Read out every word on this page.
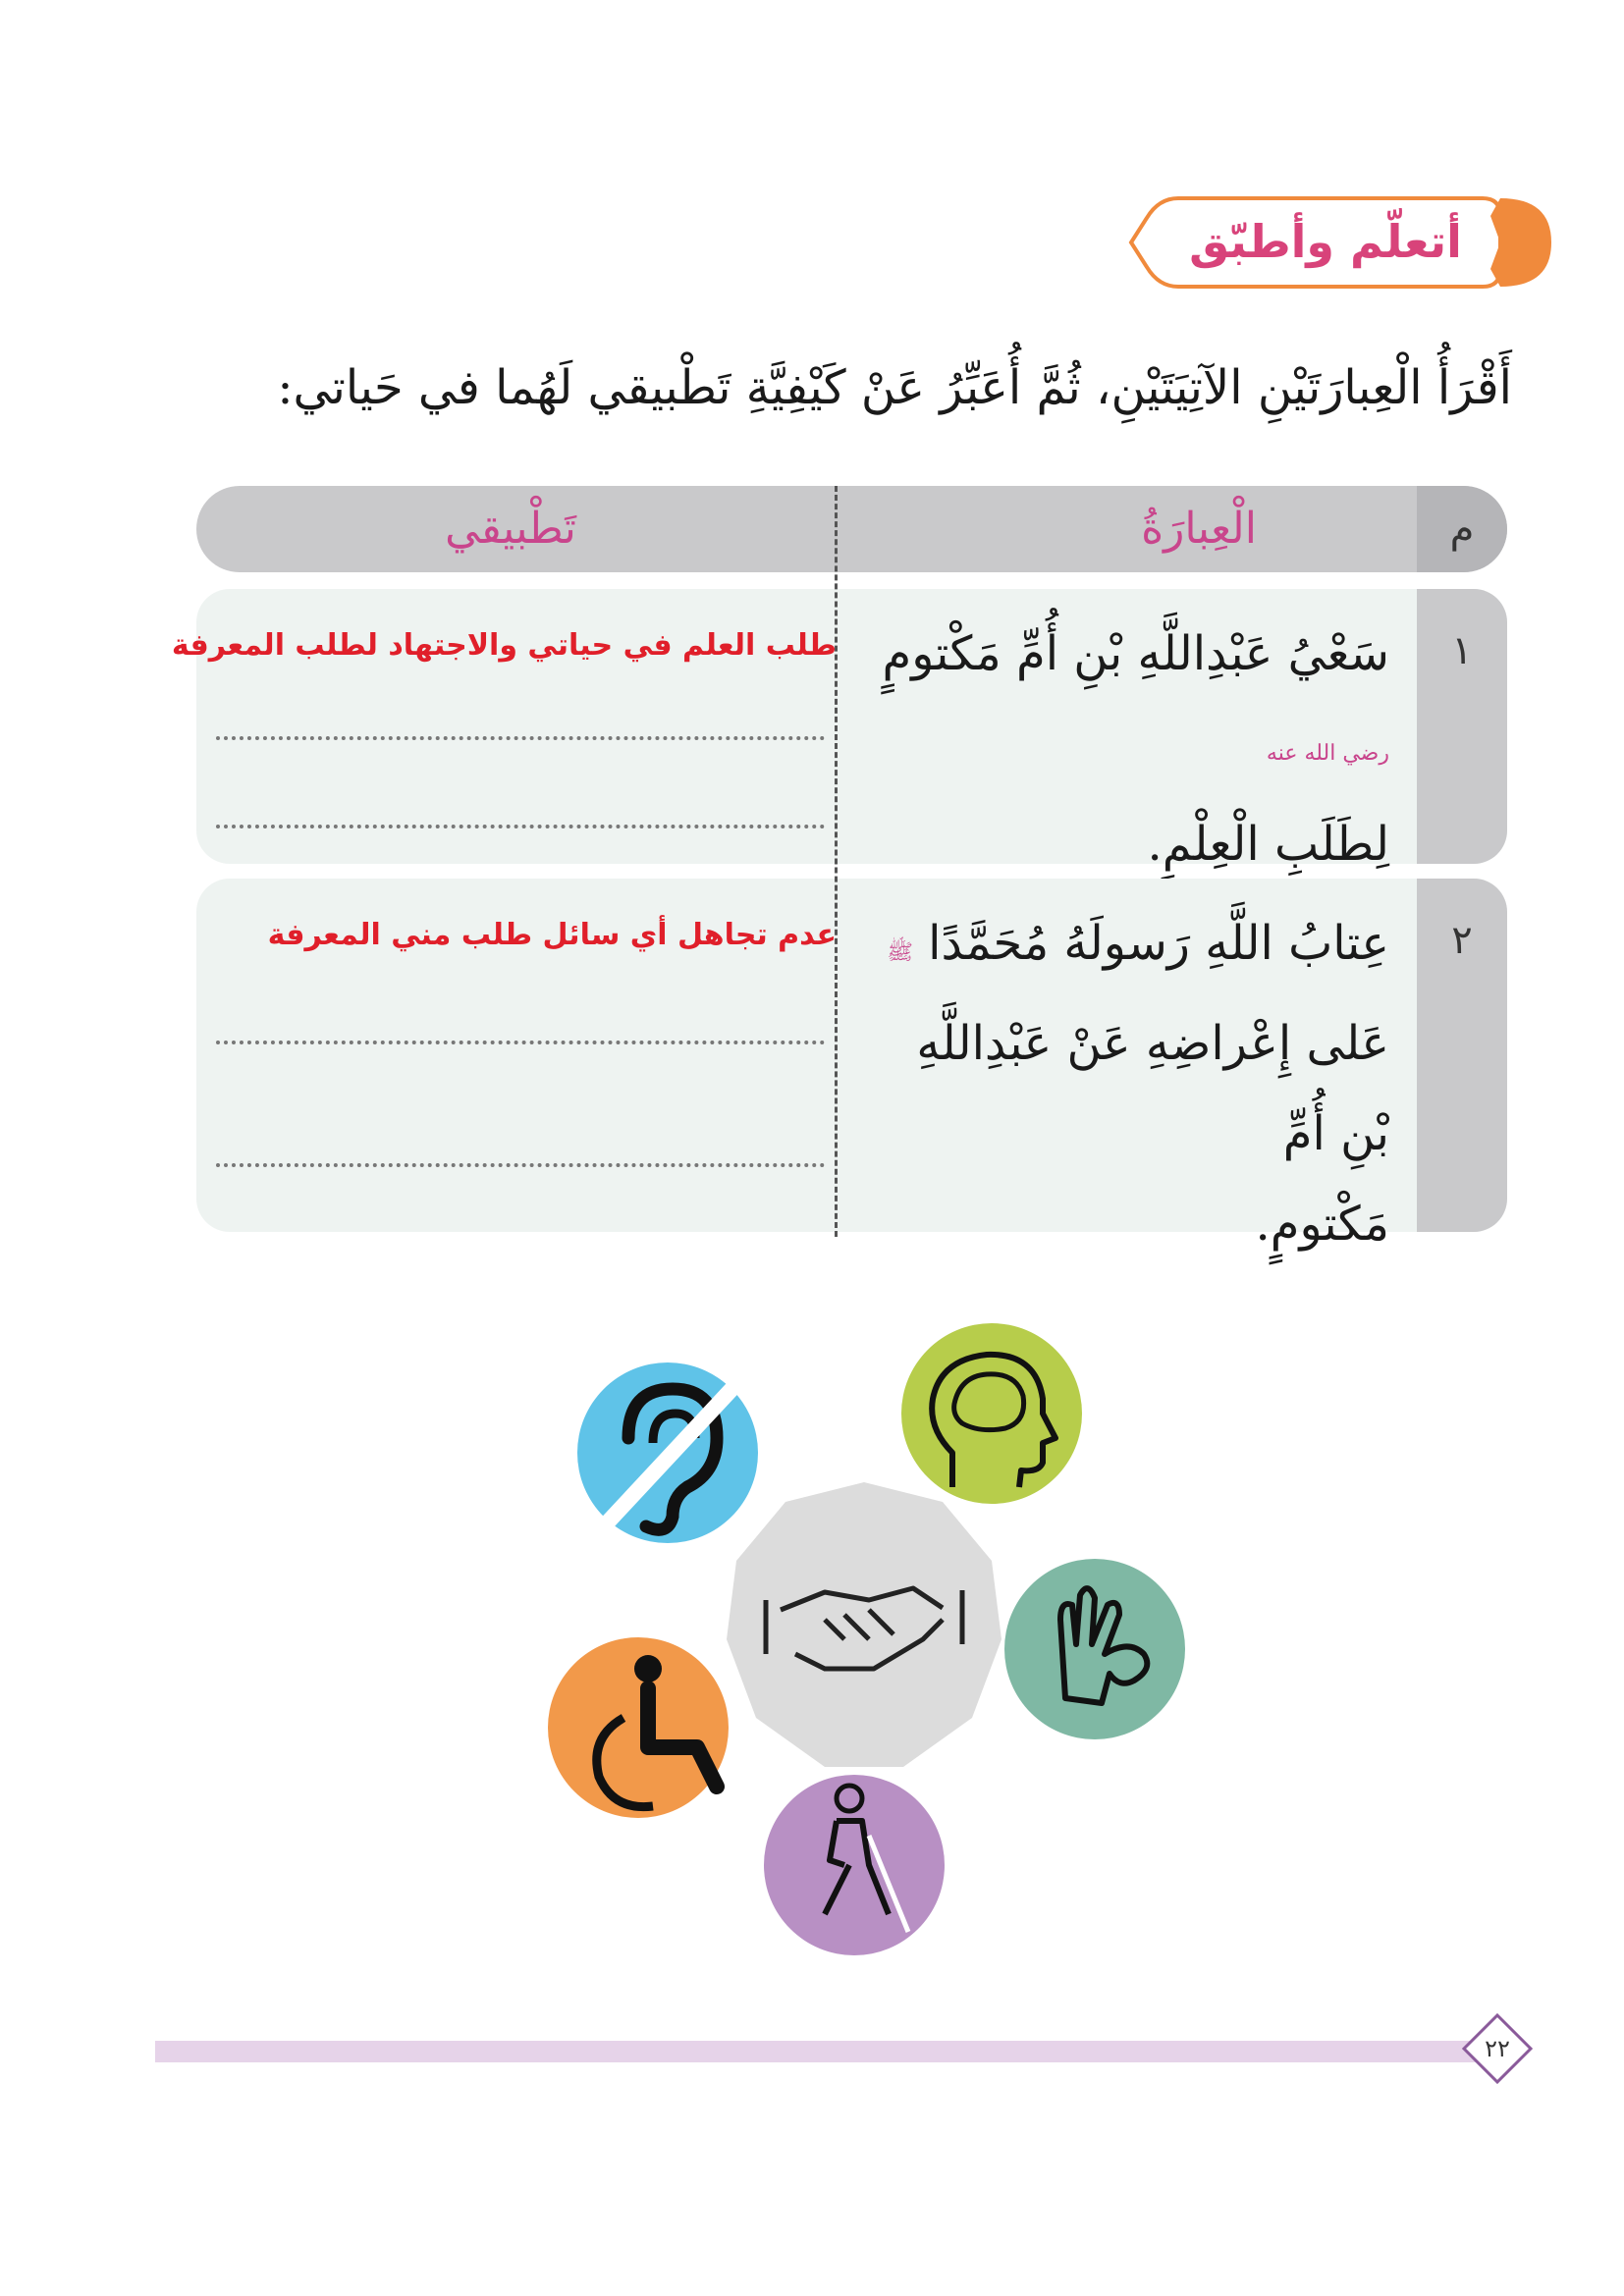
أتعلّم وأطبّق
أَقْرَأُ الْعِبارَتَيْنِ الآتِيَتَيْنِ، ثُمَّ أُعَبِّرُ عَنْ كَيْفِيَّةِ تَطْبيقي لَهُما في حَياتي:
م
الْعِبارَةُ
تَطْبيقي
١
سَعْيُ عَبْدِاللَّهِ بْنِ أُمِّ مَكْتومٍ رضي الله عنه
لِطَلَبِ الْعِلْمِ.
طلب العلم في حياتي والاجتهاد لطلب المعرفة
٢
عِتابُ اللَّهِ رَسولَهُ مُحَمَّدًا ﷺ
عَلى إِعْراضِهِ عَنْ عَبْدِاللَّهِ بْنِ أُمِّ
مَكْتومٍ.
عدم تجاهل أي سائل طلب مني المعرفة
٢٢
